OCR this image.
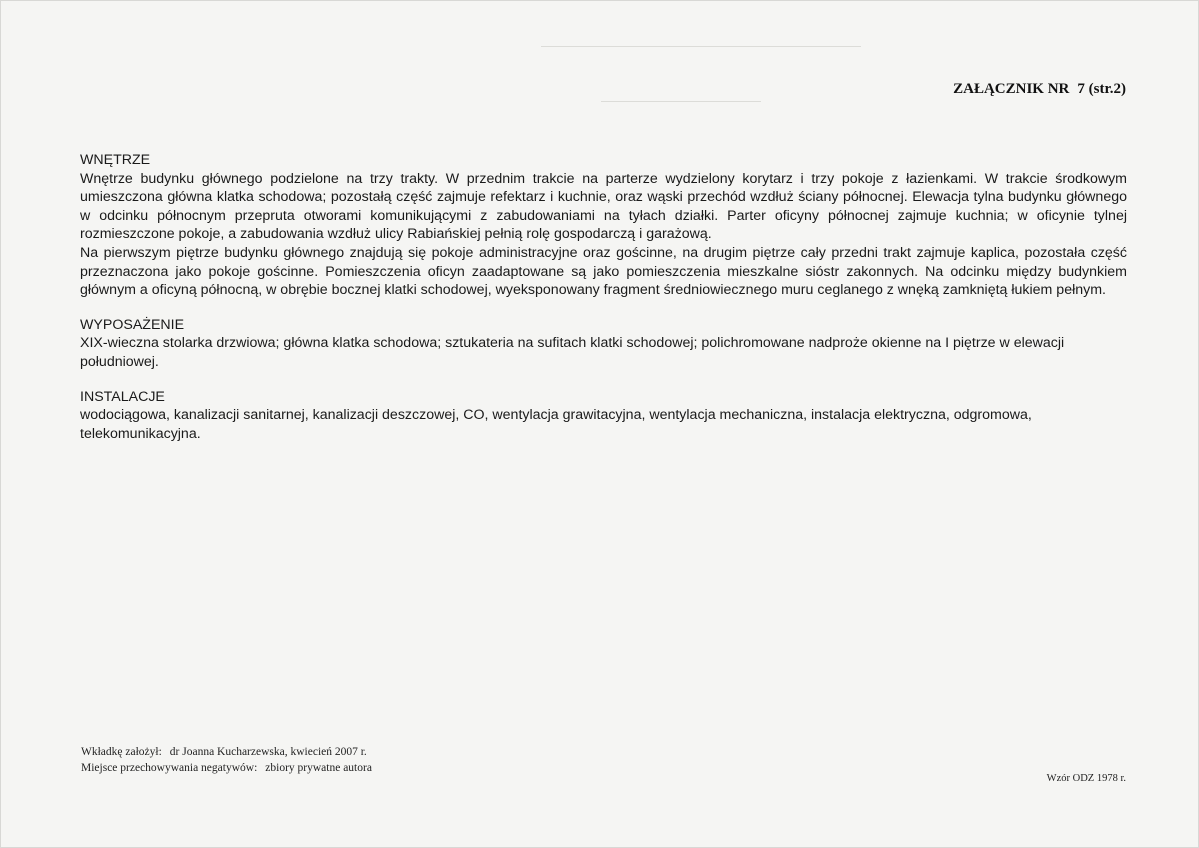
ZAŁĄCZNIK NR 7 (str.2)

WNĘTRZE

Wnętrze budynku głównego podzielone na trzy trakty. W przednim trakcie na parterze wydzielony korytarz i trzy pokoje z łazienkami. W trakcie środkowym umieszczona główna klatka schodowa; pozostałą część zajmuje refektarz i kuchnie, oraz wąski przechód wzdłuż ściany północnej. Elewacja tylna budynku głównego w odcinku północnym przepruta otworami komunikującymi z zabudowaniami na tyłach działki. Parter oficyny północnej zajmuje kuchnia; w oficynie tylnej rozmieszczone pokoje, a zabudowania wzdłuż ulicy Rabiańskiej pełnią rolę gospodarczą i garażową.

Na pierwszym piętrze budynku głównego znajdują się pokoje administracyjne oraz gościnne, na drugim piętrze cały przedni trakt zajmuje kaplica, pozostała część przeznaczona jako pokoje gościnne. Pomieszczenia oficyn zaadaptowane są jako pomieszczenia mieszkalne sióstr zakonnych. Na odcinku między budynkiem głównym a oficyną północną, w obrębie bocznej klatki schodowej, wyeksponowany fragment średniowiecznego muru ceglanego z wnęką zamkniętą łukiem pełnym.

WYPOSAŻENIE

XIX-wieczna stolarka drzwiowa; główna klatka schodowa; sztukateria na sufitach klatki schodowej; polichromowane nadproże okienne na I piętrze w elewacji południowej.

INSTALACJE

wodociągowa, kanalizacji sanitarnej, kanalizacji deszczowej, CO, wentylacja grawitacyjna, wentylacja mechaniczna, instalacja elektryczna, odgromowa, telekomunikacyjna.

Wkładkę założył: dr Joanna Kucharzewska, kwiecień 2007 r.
Miejsce przechowywania negatywów: zbiory prywatne autora
Wzór ODZ 1978 r.
